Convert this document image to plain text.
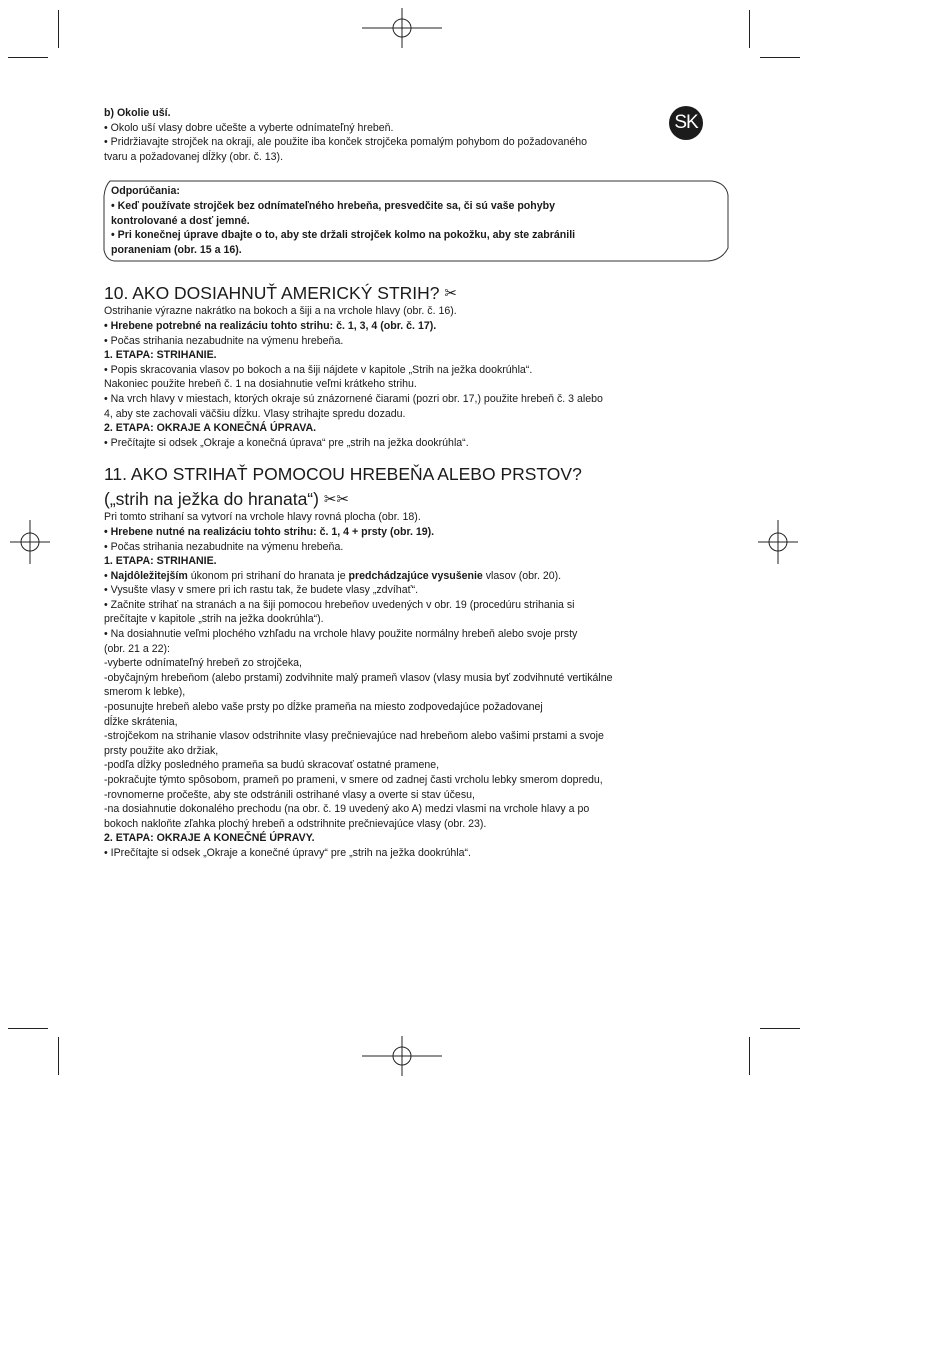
SK

b) Okolie uší.

• Okolo uší vlasy dobre učešte a vyberte odnímateľný hrebeň.

• Pridržiavajte strojček na okraji, ale použite iba konček strojčeka pomalým pohybom do požadovaného

tvaru a požadovanej dĺžky (obr. č. 13).

Odporúčania:

• Keď používate strojček bez odnímateľného hrebeňa, presvedčite sa, či sú vaše pohyby

kontrolované a dosť jemné.

• Pri konečnej úprave dbajte o to, aby ste držali strojček kolmo na pokožku, aby ste zabránili

poraneniam (obr. 15 a 16).

10. AKO DOSIAHNUŤ AMERICKÝ STRIH? ✂

Ostrihanie výrazne nakrátko na bokoch a šiji a na vrchole hlavy (obr. č. 16).

• Hrebene potrebné na realizáciu tohto strihu: č. 1, 3, 4 (obr. č. 17).

• Počas strihania nezabudnite na výmenu hrebeňa.

1. ETAPA: STRIHANIE.

• Popis skracovania vlasov po bokoch a na šiji nájdete v kapitole „Strih na ježka dookrúhla“.

Nakoniec použite hrebeň č. 1 na dosiahnutie veľmi krátkeho strihu.

• Na vrch hlavy v miestach, ktorých okraje sú znázornené čiarami (pozri obr. 17,) použite hrebeň č. 3 alebo

4, aby ste zachovali väčšiu dĺžku. Vlasy strihajte spredu dozadu.

2. ETAPA: OKRAJE A KONEČNÁ ÚPRAVA.

• Prečítajte si odsek „Okraje a konečná úprava“ pre „strih na ježka dookrúhla“.

11. AKO STRIHAŤ POMOCOU HREBEŇA ALEBO PRSTOV?
(„strih na ježka do hranata“) ✂✂

Pri tomto strihaní sa vytvorí na vrchole hlavy rovná plocha (obr. 18).

• Hrebene nutné na realizáciu tohto strihu: č. 1, 4 + prsty (obr. 19).

• Počas strihania nezabudnite na výmenu hrebeňa.

1. ETAPA: STRIHANIE.

• Najdôležitejším úkonom pri strihaní do hranata je predchádzajúce vysušenie vlasov (obr. 20).

• Vysušte vlasy v smere pri ich rastu tak, že budete vlasy „zdvíhať“.

• Začnite strihať na stranách a na šiji pomocou hrebeňov uvedených v obr. 19 (procedúru strihania si

prečítajte v kapitole „strih na ježka dookrúhla“).

• Na dosiahnutie veľmi plochého vzhľadu na vrchole hlavy použite normálny hrebeň alebo svoje prsty

(obr. 21 a 22):

-vyberte odnímateľný hrebeň zo strojčeka,

-obyčajným hrebeňom (alebo prstami) zodvihnite malý prameň vlasov (vlasy musia byť zodvihnuté vertikálne

smerom k lebke),

-posunujte hrebeň alebo vaše prsty po dĺžke prameňa na miesto zodpovedajúce požadovanej

dĺžke skrátenia,

-strojčekom na strihanie vlasov odstrihnite vlasy prečnievajúce nad hrebeňom alebo vašimi prstami a svoje

prsty použite ako držiak,

-podľa dĺžky posledného prameňa sa budú skracovať ostatné pramene,

-pokračujte týmto spôsobom, prameň po prameni, v smere od zadnej časti vrcholu lebky smerom dopredu,

-rovnomerne pročešte, aby ste odstránili ostrihané vlasy a overte si stav účesu,

-na dosiahnutie dokonalého prechodu (na obr. č. 19 uvedený ako A) medzi vlasmi na vrchole hlavy a po

bokoch nakloňte zľahka plochý hrebeň a odstrihnite prečnievajúce vlasy (obr. 23).

2. ETAPA: OKRAJE A KONEČNÉ ÚPRAVY.

• IPrečítajte si odsek „Okraje a konečné úpravy“ pre „strih na ježka dookrúhla“.
